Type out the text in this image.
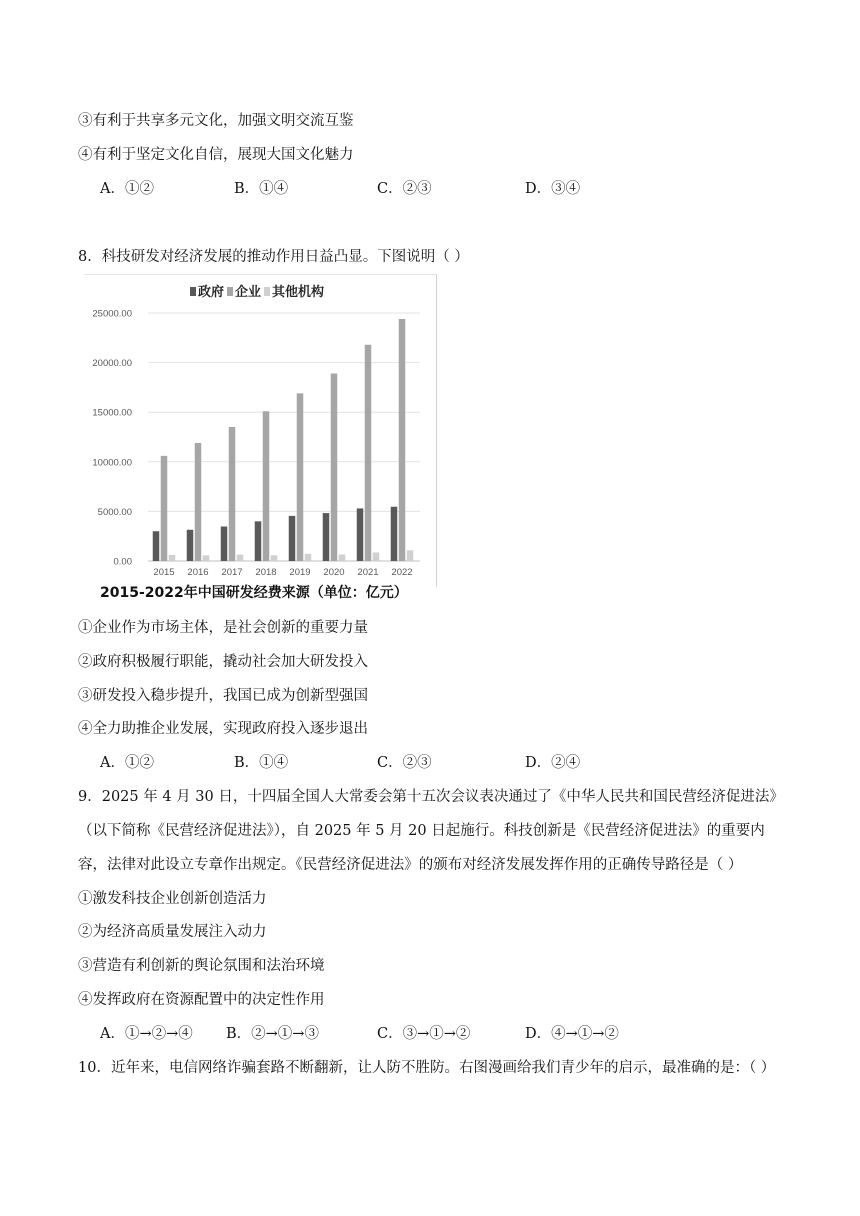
③有利于共享多元文化，加强文明交流互鉴
④有利于坚定文化自信，展现大国文化魅力
A．①②	B．①④	C．②③	D．③④
8．科技研发对经济发展的推动作用日益凸显。下图说明（ ）
政府 企业 其他机构
0.00
5000.00
10000.00
15000.00
20000.00
25000.00
2015 2016 2017 2018 2019 2020 2021 2022
2015-2022年中国研发经费来源（单位：亿元）
①企业作为市场主体，是社会创新的重要力量
②政府积极履行职能，撬动社会加大研发投入
③研发投入稳步提升，我国已成为创新型强国
④全力助推企业发展，实现政府投入逐步退出
A．①②	B．①④	C．②③	D．②④
9．2025 年 4 月 30 日，十四届全国人大常委会第十五次会议表决通过了《中华人民共和国民营经济促进法》
（以下简称《民营经济促进法》），自 2025 年 5 月 20 日起施行。科技创新是《民营经济促进法》的重要内
容，法律对此设立专章作出规定。《民营经济促进法》的颁布对经济发展发挥作用的正确传导路径是（ ）
①激发科技企业创新创造活力
②为经济高质量发展注入动力
③营造有利创新的舆论氛围和法治环境
④发挥政府在资源配置中的决定性作用
A．①→②→④ B．②→①→③	C．③→①→②	D．④→①→②
10．近年来，电信网络诈骗套路不断翻新，让人防不胜防。右图漫画给我们青少年的启示，最准确的是：（ ）
